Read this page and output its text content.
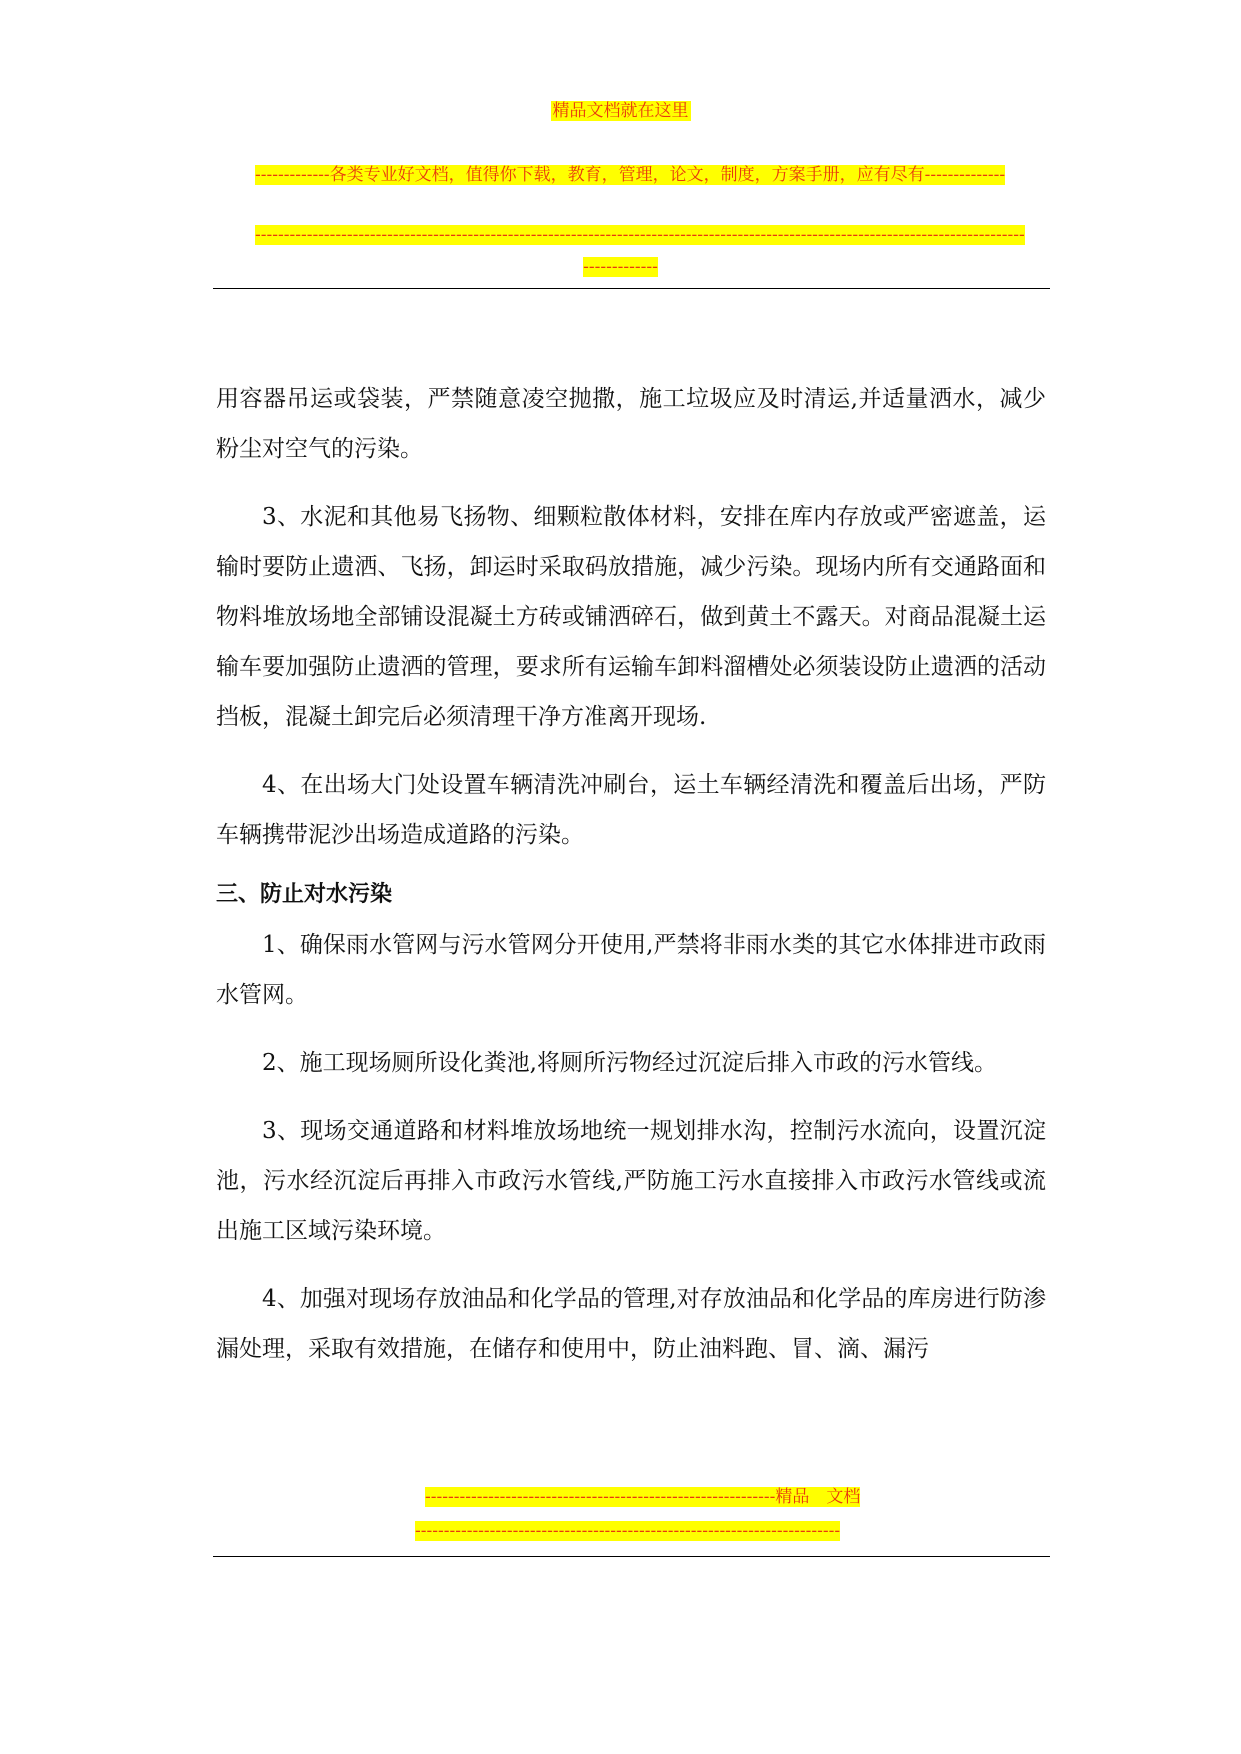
精品文档就在这里
-------------各类专业好文档，值得你下载，教育，管理，论文，制度，方案手册，应有尽有--------------
--------------------------------------------------------------------------------------------------------------------------------------
-------------

用容器吊运或袋装，严禁随意凌空抛撒，施工垃圾应及时清运,并适量洒水，减少粉尘对空气的污染。

3、水泥和其他易飞扬物、细颗粒散体材料，安排在库内存放或严密遮盖，运输时要防止遗洒、飞扬，卸运时采取码放措施，减少污染。现场内所有交通路面和物料堆放场地全部铺设混凝土方砖或铺洒碎石，做到黄土不露天。对商品混凝土运输车要加强防止遗洒的管理，要求所有运输车卸料溜槽处必须装设防止遗洒的活动挡板，混凝土卸完后必须清理干净方准离开现场.

4、在出场大门处设置车辆清洗冲刷台，运土车辆经清洗和覆盖后出场，严防车辆携带泥沙出场造成道路的污染。

三、防止对水污染

1、确保雨水管网与污水管网分开使用,严禁将非雨水类的其它水体排进市政雨水管网。

2、施工现场厕所设化粪池,将厕所污物经过沉淀后排入市政的污水管线。

3、现场交通道路和材料堆放场地统一规划排水沟，控制污水流向，设置沉淀池，污水经沉淀后再排入市政污水管线,严防施工污水直接排入市政污水管线或流出施工区域污染环境。

4、加强对现场存放油品和化学品的管理,对存放油品和化学品的库房进行防渗漏处理，采取有效措施，在储存和使用中，防止油料跑、冒、滴、漏污

-------------------------------------------------------------精品　文档
--------------------------------------------------------------------------
